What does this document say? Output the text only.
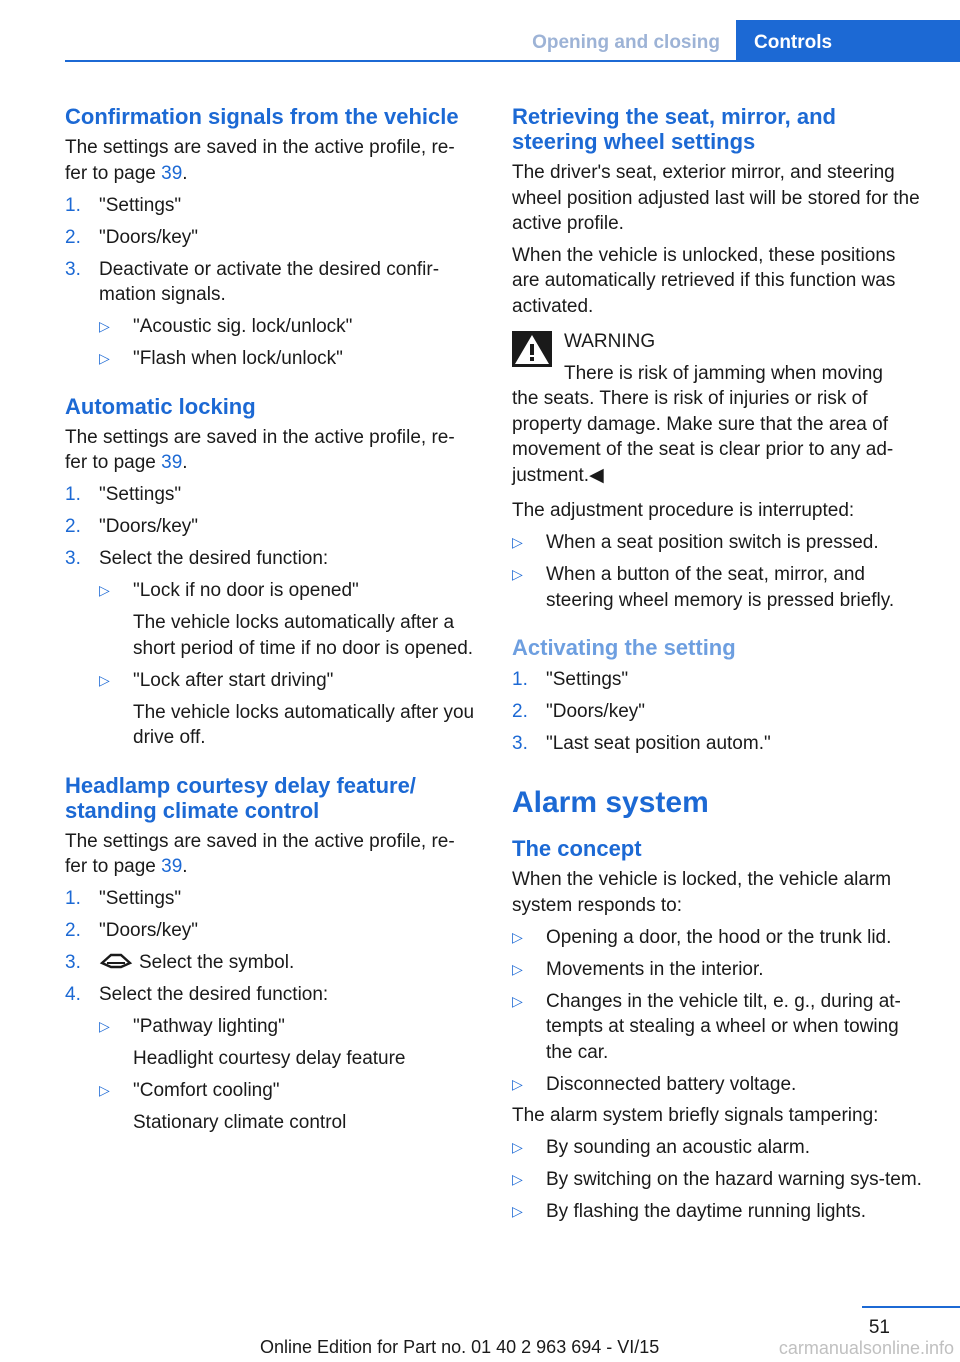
Opening and closing	Controls
Confirmation signals from the vehicle

The settings are saved in the active profile, re‐fer to page 39.

1. "Settings"
2. "Doors/key"
3. Deactivate or activate the desired confir‐mation signals.
▷ "Acoustic sig. lock/unlock"
▷ "Flash when lock/unlock"
Automatic locking

The settings are saved in the active profile, re‐fer to page 39.

1. "Settings"
2. "Doors/key"
3. Select the desired function:
▷ "Lock if no door is opened"
The vehicle locks automatically after a short period of time if no door is opened.
▷ "Lock after start driving"
The vehicle locks automatically after you drive off.
Headlamp courtesy delay feature/ standing climate control

The settings are saved in the active profile, re‐fer to page 39.

1. "Settings"
2. "Doors/key"
3.	Select the symbol.
4. Select the desired function:
▷ "Pathway lighting"
Headlight courtesy delay feature
▷ "Comfort cooling"
Stationary climate control
Retrieving the seat, mirror, and steering wheel settings

The driver's seat, exterior mirror, and steering wheel position adjusted last will be stored for the active profile.

When the vehicle is unlocked, these positions are automatically retrieved if this function was activated.

WARNING

There is risk of jamming when moving

the seats. There is risk of injuries or risk of property damage. Make sure that the area of movement of the seat is clear prior to any ad‐justment.◀

The adjustment procedure is interrupted:

▷ When a seat position switch is pressed.
▷ When a button of the seat, mirror, and steering wheel memory is pressed briefly.
Activating the setting
1. "Settings"
2. "Doors/key"
3. "Last seat position autom."
Alarm system
The concept

When the vehicle is locked, the vehicle alarm system responds to:

▷ Opening a door, the hood or the trunk lid.
▷ Movements in the interior.
▷ Changes in the vehicle tilt, e. g., during at‐tempts at stealing a wheel or when towing the car.
▷ Disconnected battery voltage.

The alarm system briefly signals tampering:

▷ By sounding an acoustic alarm.
▷ By switching on the hazard warning sys‐tem.
▷ By flashing the daytime running lights.
51
Online Edition for Part no. 01 40 2 963 694 - VI/15	carmanualsonline.info
